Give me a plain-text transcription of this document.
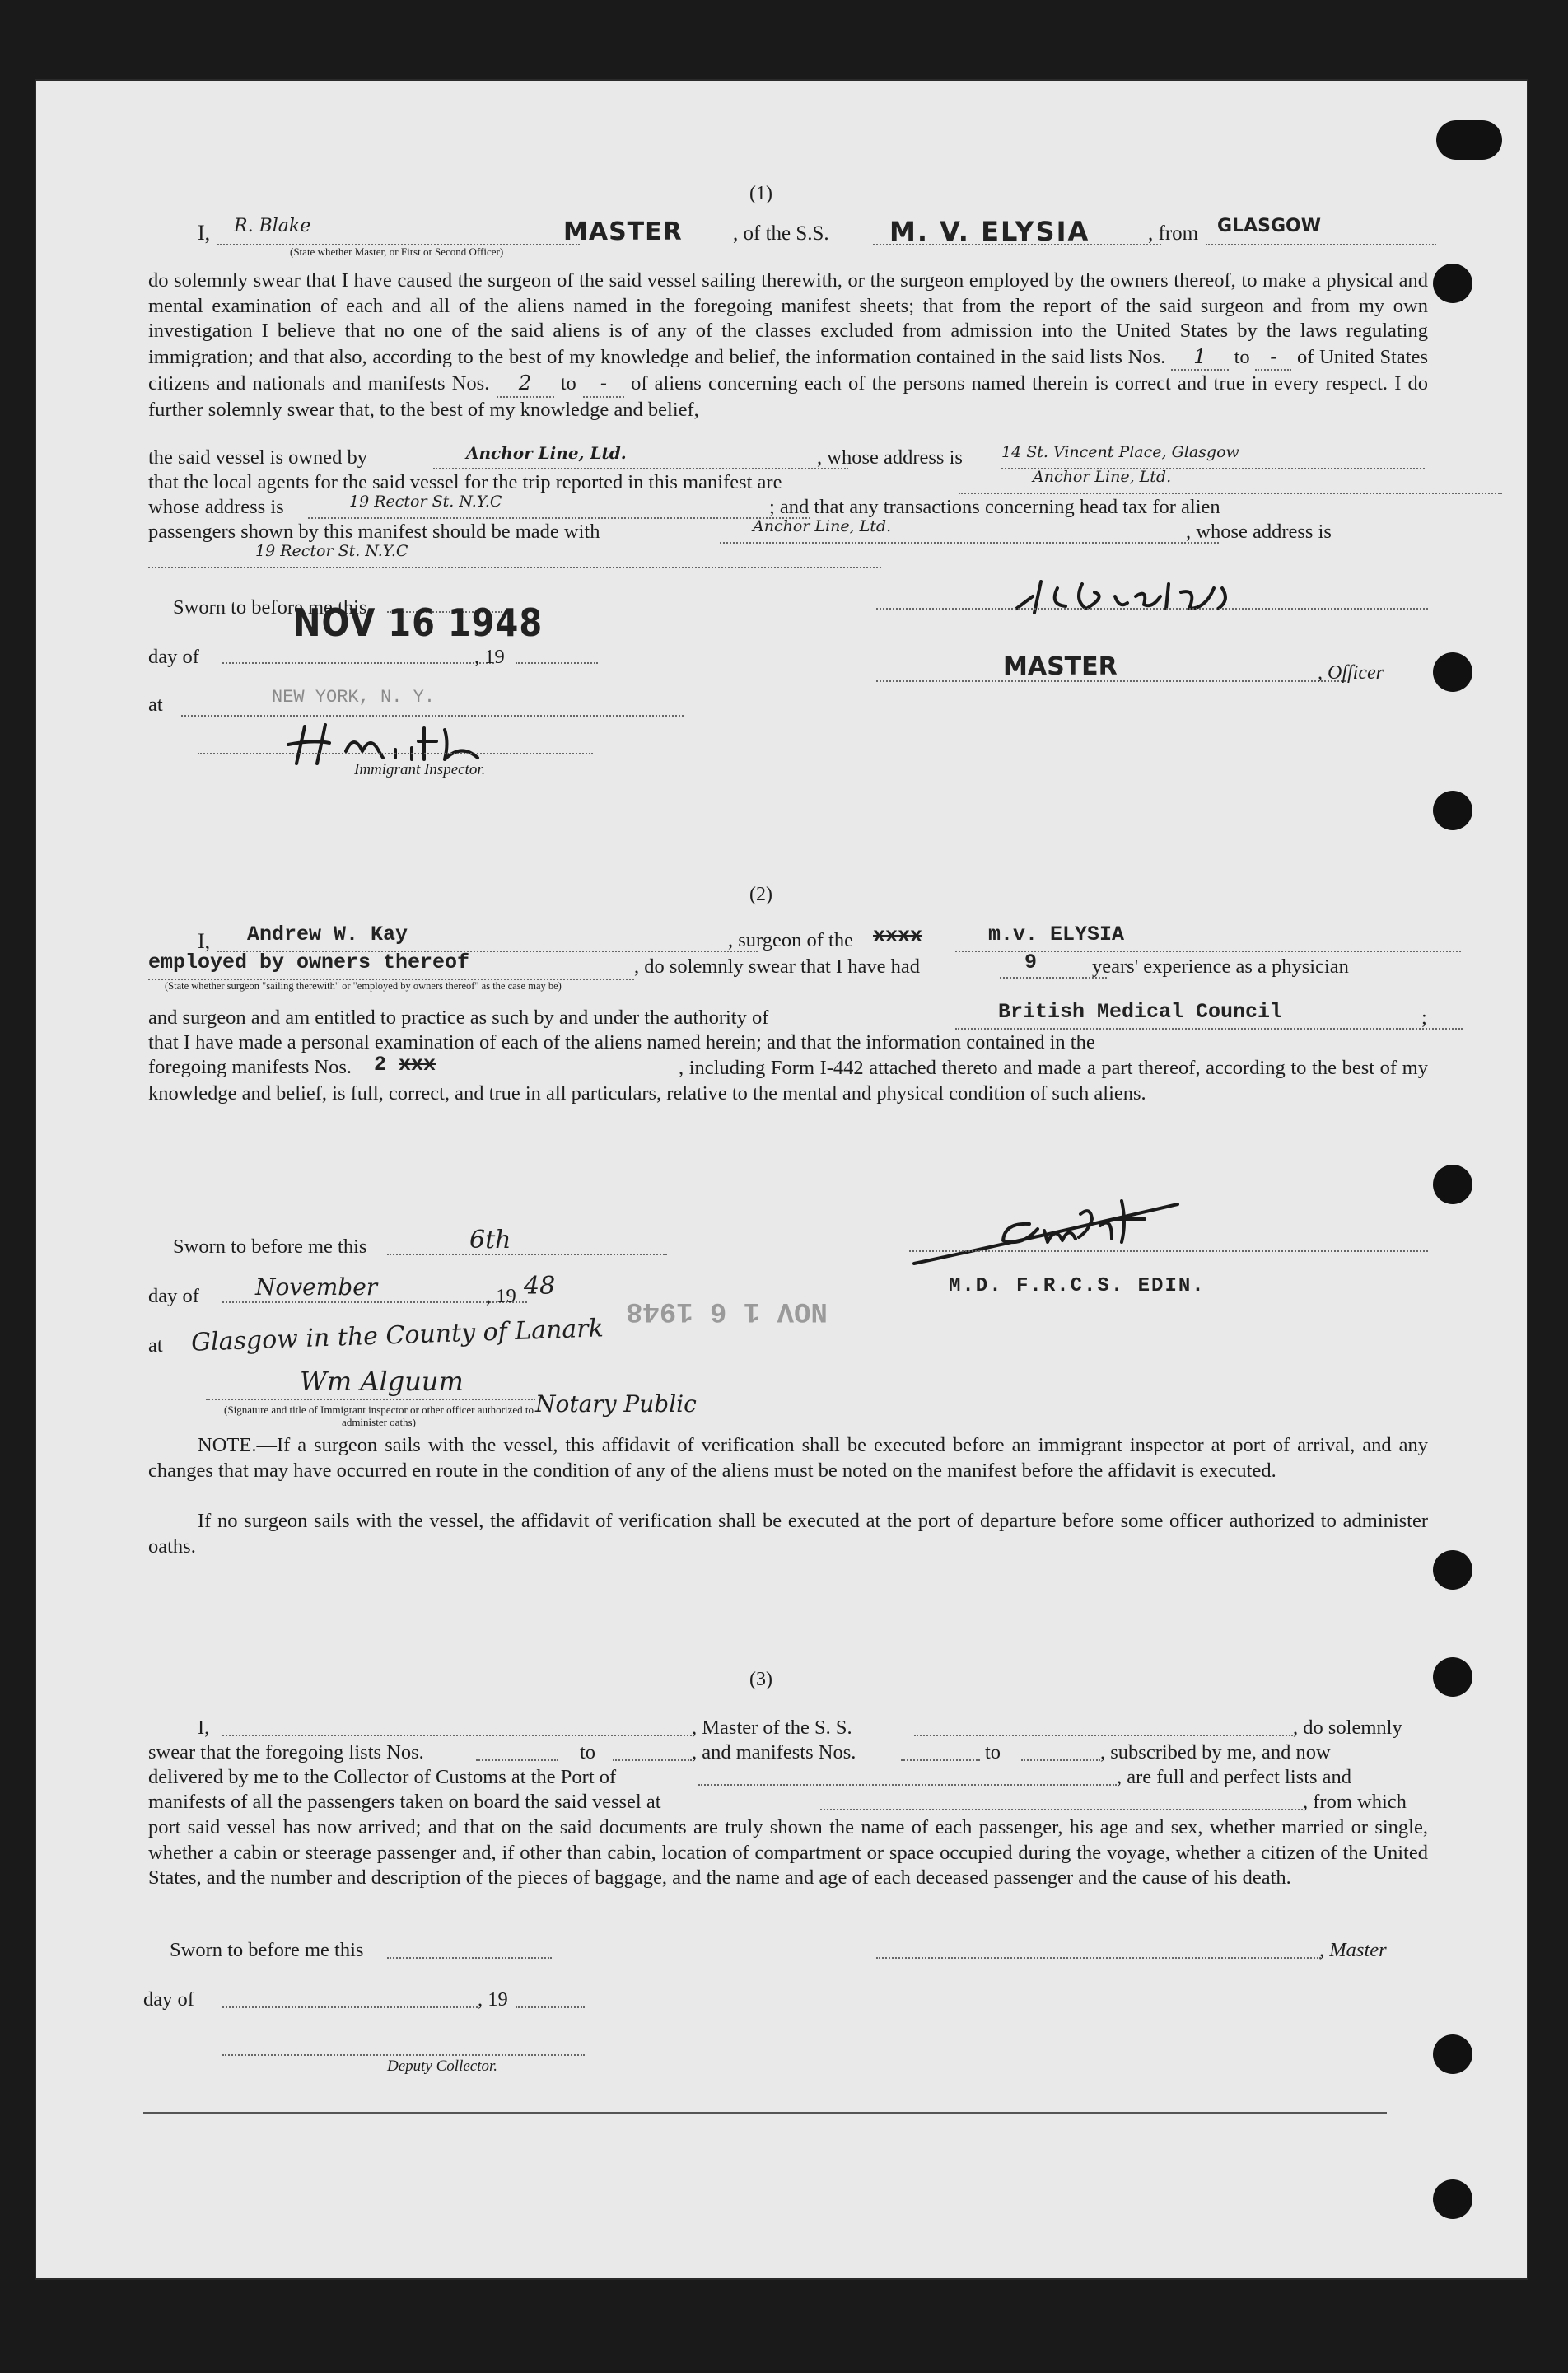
(1)
I,	R. Blake	MASTER
(State whether Master, or First or Second Officer)
, of the S.S.	M. V. ELYSIA	, from	GLASGOW
do solemnly swear that I have caused the surgeon of the said vessel sailing therewith, or the surgeon employed by the owners thereof, to make a physical and mental examination of each and all of the aliens named in the foregoing manifest sheets; that from the report of the said surgeon and from my own investigation I believe that no one of the said aliens is of any of the classes excluded from admission into the United States by the laws regulating immigration; and that also, according to the best of my knowledge and belief, the information contained in the said lists Nos. 1 to - of United States citizens and nationals and manifests Nos. 2 to - of aliens concerning each of the persons named therein is correct and true in every respect. I do further solemnly swear that, to the best of my knowledge and belief,
the said vessel is owned by	Anchor Line, Ltd.	, whose address is 14 St. Vincent Place, Glasgow
that the local agents for the said vessel for the trip reported in this manifest are	Anchor Line, Ltd.
whose address is	19 Rector St. N.Y.C	; and that any transactions concerning head tax for alien
passengers shown by this manifest should be made with	Anchor Line, Ltd.	, whose address is
19 Rector St. N.Y.C
Sworn to before me this
NOV 16 1948
day of	, 19
at	NEW YORK, N. Y.
Immigrant Inspector.
MASTER	, Officer
(2)
I,	Andrew W. Kay	, surgeon of the xxxx	m.v. ELYSIA
employed by owners thereof
(State whether surgeon "sailing therewith" or "employed by owners thereof" as the case may be)
, do solemnly swear that I have had	9	years' experience as a physician
and surgeon and am entitled to practice as such by and under the authority of	British Medical Council	;
that I have made a personal examination of each of the aliens named herein; and that the information contained in the
foregoing manifests Nos. 2 xxx	, including Form I-442 attached thereto and made a part thereof, according to the best of my knowledge and belief, is full, correct, and true in all particulars, relative to the mental and physical condition of such aliens.
Sworn to before me this	6th
day of	November	, 19 48
at Glasgow in the County of Lanark
NOV 1 6 1948
Wm Alguum
Notary Public
(Signature and title of Immigrant inspector or other officer authorized to administer oaths)
M.D. F.R.C.S. EDIN.
NOTE.—If a surgeon sails with the vessel, this affidavit of verification shall be executed before an immigrant inspector at port of arrival, and any changes that may have occurred en route in the condition of any of the aliens must be noted on the manifest before the affidavit is executed.
If no surgeon sails with the vessel, the affidavit of verification shall be executed at the port of departure before some officer authorized to administer oaths.
(3)
I,	, Master of the S. S.	, do solemnly
swear that the foregoing lists Nos.	to	, and manifests Nos.	to	, subscribed by me, and now
delivered by me to the Collector of Customs at the Port of	, are full and perfect lists and
manifests of all the passengers taken on board the said vessel at	, from which
port said vessel has now arrived; and that on the said documents are truly shown the name of each passenger, his age and sex, whether married or single, whether a cabin or steerage passenger and, if other than cabin, location of compartment or space occupied during the voyage, whether a citizen of the United States, and the number and description of the pieces of baggage, and the name and age of each deceased passenger and the cause of his death.
Sworn to before me this	, Master
day of	, 19
Deputy Collector.
